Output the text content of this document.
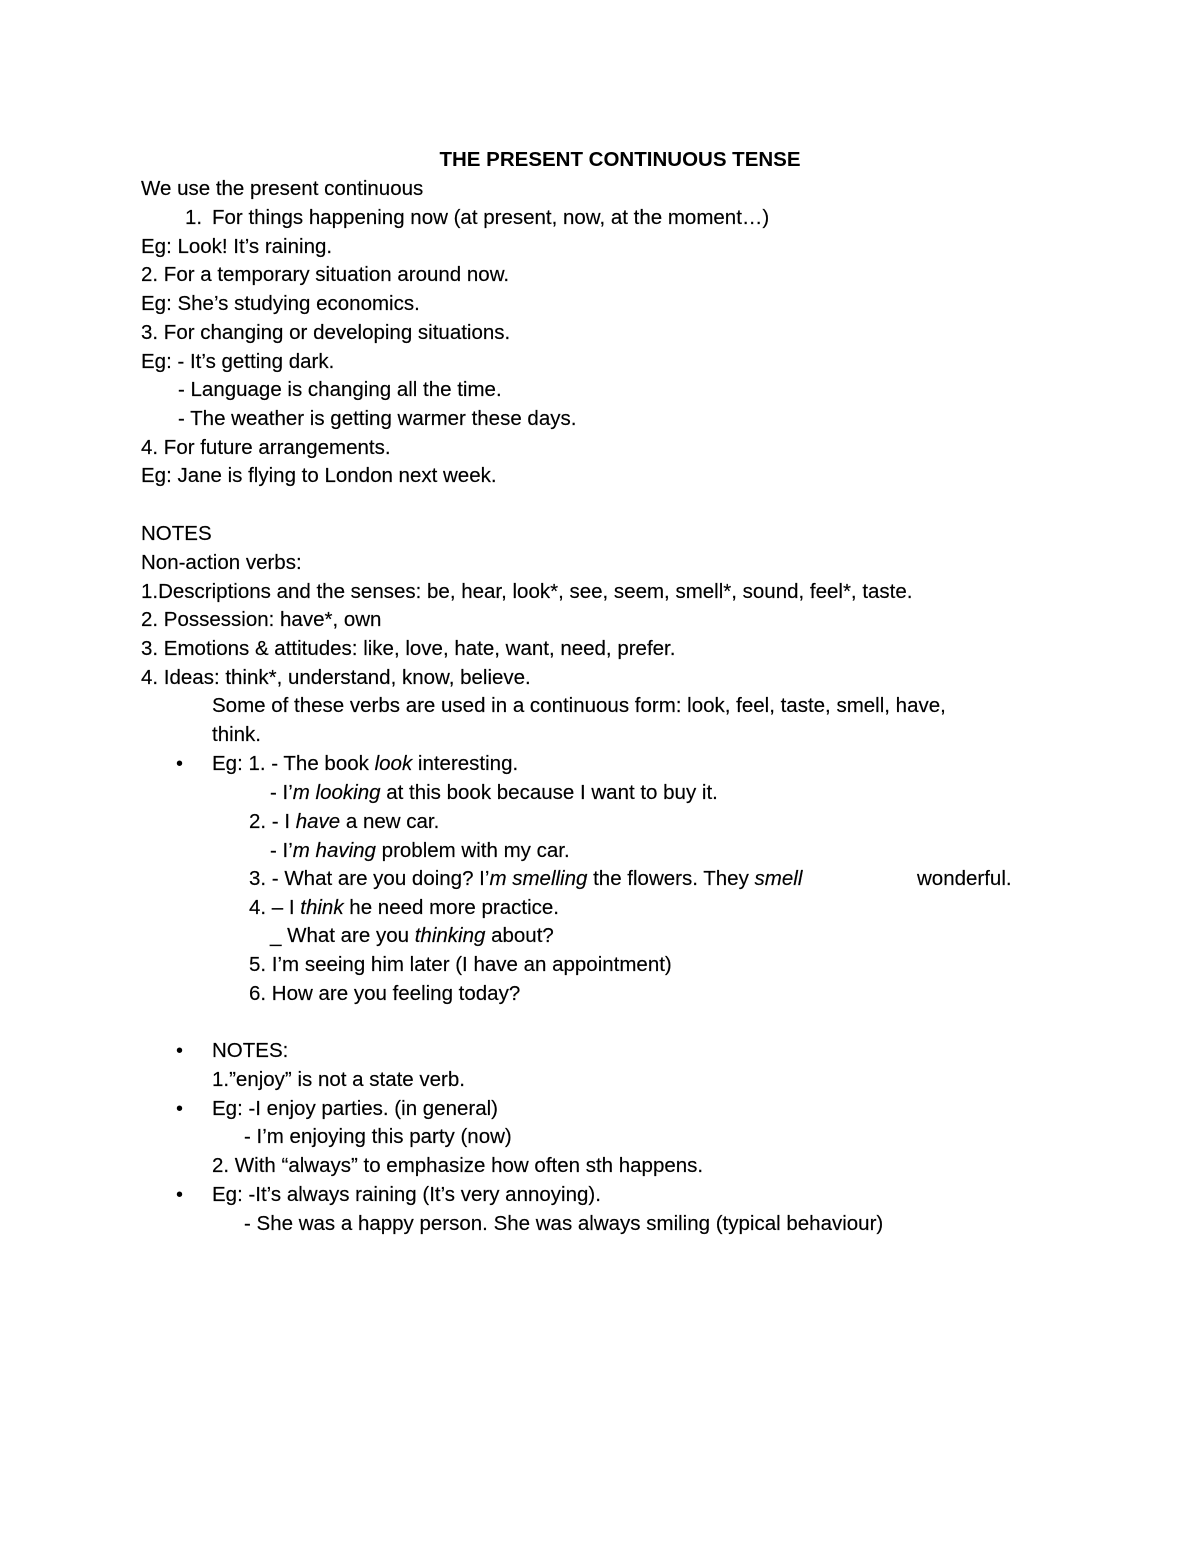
THE PRESENT CONTINUOUS TENSE
We use the present continuous
1. For things happening now (at present, now, at the moment…)
Eg: Look! It’s raining.
2. For a temporary situation around now.
Eg: She’s studying economics.
3. For changing or developing situations.
Eg: - It’s getting dark.
- Language is changing all the time.
- The weather is getting warmer these days.
4. For future arrangements.
Eg: Jane is flying to London next week.
NOTES
Non-action verbs:
1.Descriptions and the senses: be, hear, look*, see, seem, smell*, sound, feel*, taste.
2. Possession: have*, own
3. Emotions & attitudes: like, love, hate, want, need, prefer.
4. Ideas: think*, understand, know, believe.
Some of these verbs are used in a continuous form: look, feel, taste, smell, have,
think.
• Eg: 1. - The book look interesting.
- I’m looking at this book because I want to buy it.
2. - I have a new car.
- I’m having problem with my car.
3. - What are you doing? I’m smelling the flowers. They smell	wonderful.
4. – I think he need more practice.
_ What are you thinking about?
5. I’m seeing him later (I have an appointment)
6. How are you feeling today?
• NOTES:
1.”enjoy” is not a state verb.
• Eg: -I enjoy parties. (in general)
- I’m enjoying this party (now)
2. With “always” to emphasize how often sth happens.
• Eg: -It’s always raining (It’s very annoying).
- She was a happy person. She was always smiling (typical behaviour)
